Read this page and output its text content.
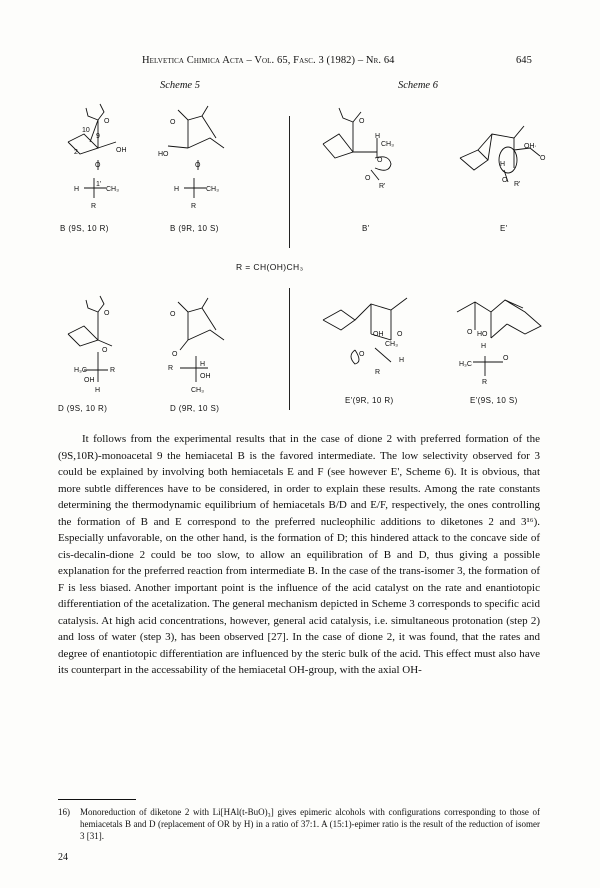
Helvetica Chimica Acta – Vol. 65, Fasc. 3 (1982) – Nr. 64	645
Scheme 5	Scheme 6
O
10
9
2	OH
O
H	CH₃
1'
R
O
HO
O
H	CH₃
R
O
H
CH₃
O
O
R'
OH·
O
H
O
R'
B (9S, 10 R)	B (9R, 10 S)	B'	E'
R = CH(OH)CH₃
O
O
H₃C	R
OH
H
O
O
R
H
OH
CH₃
OH O
CH₃
O
H
R
O HO
H
H₃C
O
R
D (9S, 10 R)	D (9R, 10 S)
E'(9R, 10 R)	E'(9S, 10 S)

It follows from the experimental results that in the case of dione 2 with preferred formation of the (9S,10R)-monoacetal 9 the hemiacetal B is the favored intermediate. The low selectivity observed for 3 could be explained by involving both hemiacetals E and F (see however E', Scheme 6). It is obvious, that more subtle differences have to be considered, in order to explain these results. Among the rate constants determining the thermodynamic equilibrium of hemiacetals B/D and E/F, respectively, the ones controlling the formation of B and E correspond to the preferred nucleophilic additions to diketones 2 and 3¹⁶). Especially unfavorable, on the other hand, is the formation of D; this hindered attack to the concave side of cis-decalin-dione 2 could be too slow, to allow an equilibration of B and D, thus giving a possible explanation for the preferred reaction from intermediate B. In the case of the trans-isomer 3, the formation of F is less biased. Another important point is the influence of the acid catalyst on the rate and enantiotopic differentiation of the acetalization. The general mechanism depicted in Scheme 3 corresponds to specific acid catalysis. At high acid concentrations, however, general acid catalysis, i.e. simultaneous protonation (step 2) and loss of water (step 3), has been observed [27]. In the case of dione 2, it was found, that the rates and degree of enantiotopic differentiation are influenced by the steric bulk of the acid. This effect must also have its counterpart in the accessability of the hemiacetal OH-group, with the axial OH-

16)	Monoreduction of diketone 2 with Li[HAl(t-BuO)₃] gives epimeric alcohols with configurations corresponding to those of hemiacetals B and D (replacement of OR by H) in a ratio of 37:1. A (15:1)-epimer ratio is the result of the reduction of isomer 3 [31].
24
